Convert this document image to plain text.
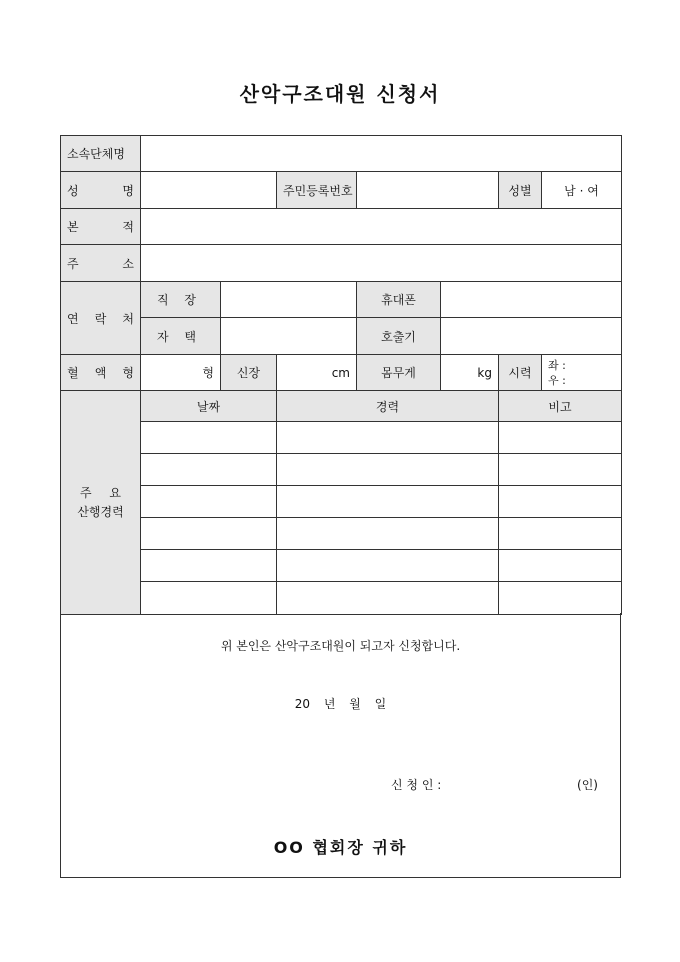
산악구조대원 신청서
소속단체명							
성 명			주민등록번호			성별	남 · 여
본 적							
주 소							
연 락 처	직 장			휴대폰			
	자 택			호출기			
혈 액 형	형	신장	cm	몸무게	kg	시력	좌 :
우 :

주 요
산행경력	날짜		경력			비고	

위 본인은 산악구조대원이 되고자 신청합니다.
20 년 월 일
신 청 인 :	(인)
OO 협회장 귀하
